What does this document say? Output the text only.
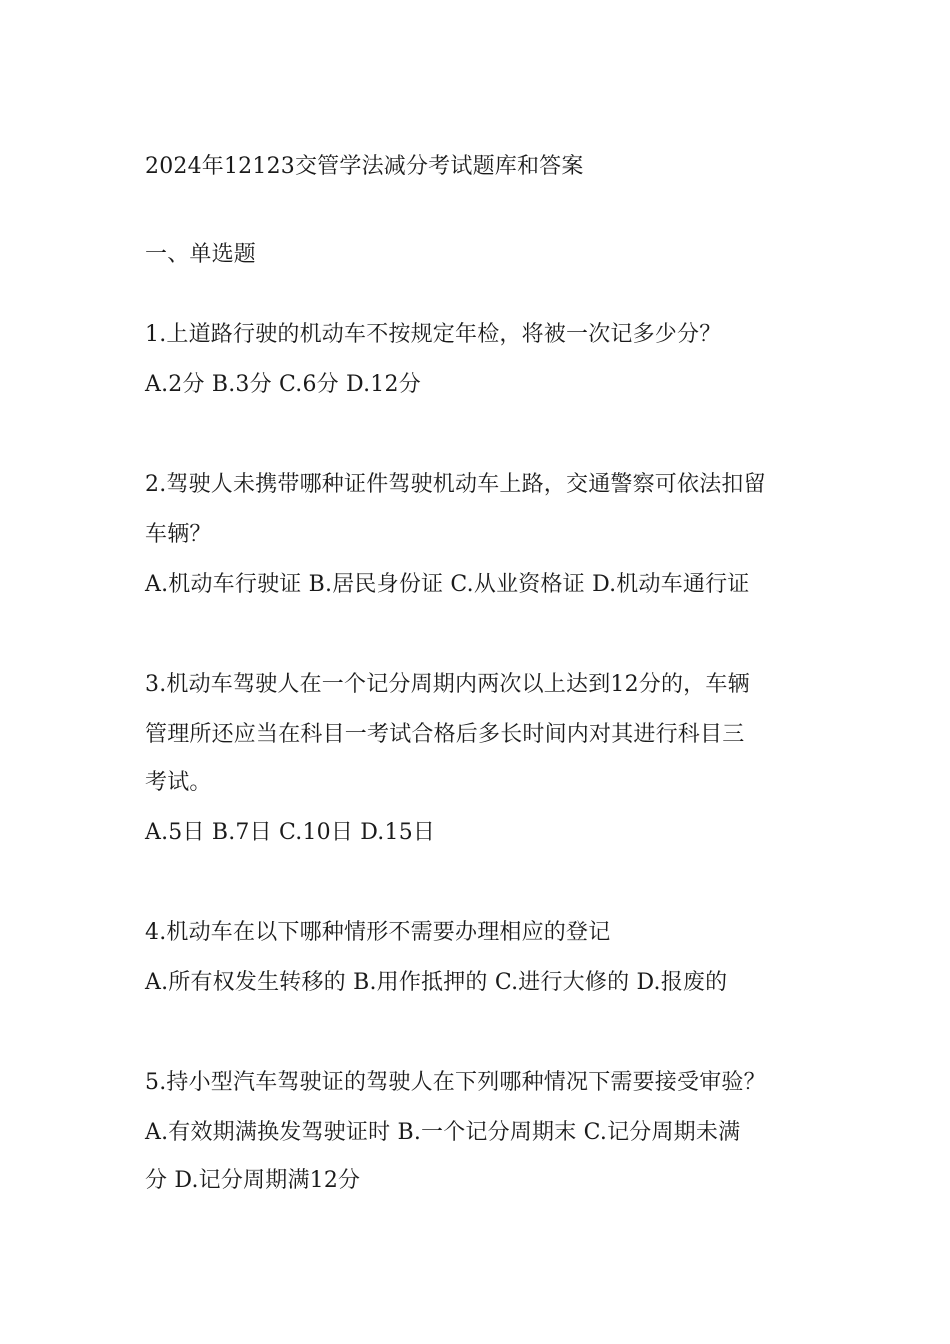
2024年12123交管学法减分考试题库和答案
一、单选题
1.上道路行驶的机动车不按规定年检，将被一次记多少分？
A.2分 B.3分 C.6分 D.12分
2.驾驶人未携带哪种证件驾驶机动车上路，交通警察可依法扣留
车辆？
A.机动车行驶证 B.居民身份证 C.从业资格证 D.机动车通行证
3.机动车驾驶人在一个记分周期内两次以上达到12分的，车辆
管理所还应当在科目一考试合格后多长时间内对其进行科目三
考试。
A.5日 B.7日 C.10日 D.15日
4.机动车在以下哪种情形不需要办理相应的登记
A.所有权发生转移的 B.用作抵押的 C.进行大修的 D.报废的
5.持小型汽车驾驶证的驾驶人在下列哪种情况下需要接受审验？
A.有效期满换发驾驶证时 B.一个记分周期末 C.记分周期未满
分 D.记分周期满12分
